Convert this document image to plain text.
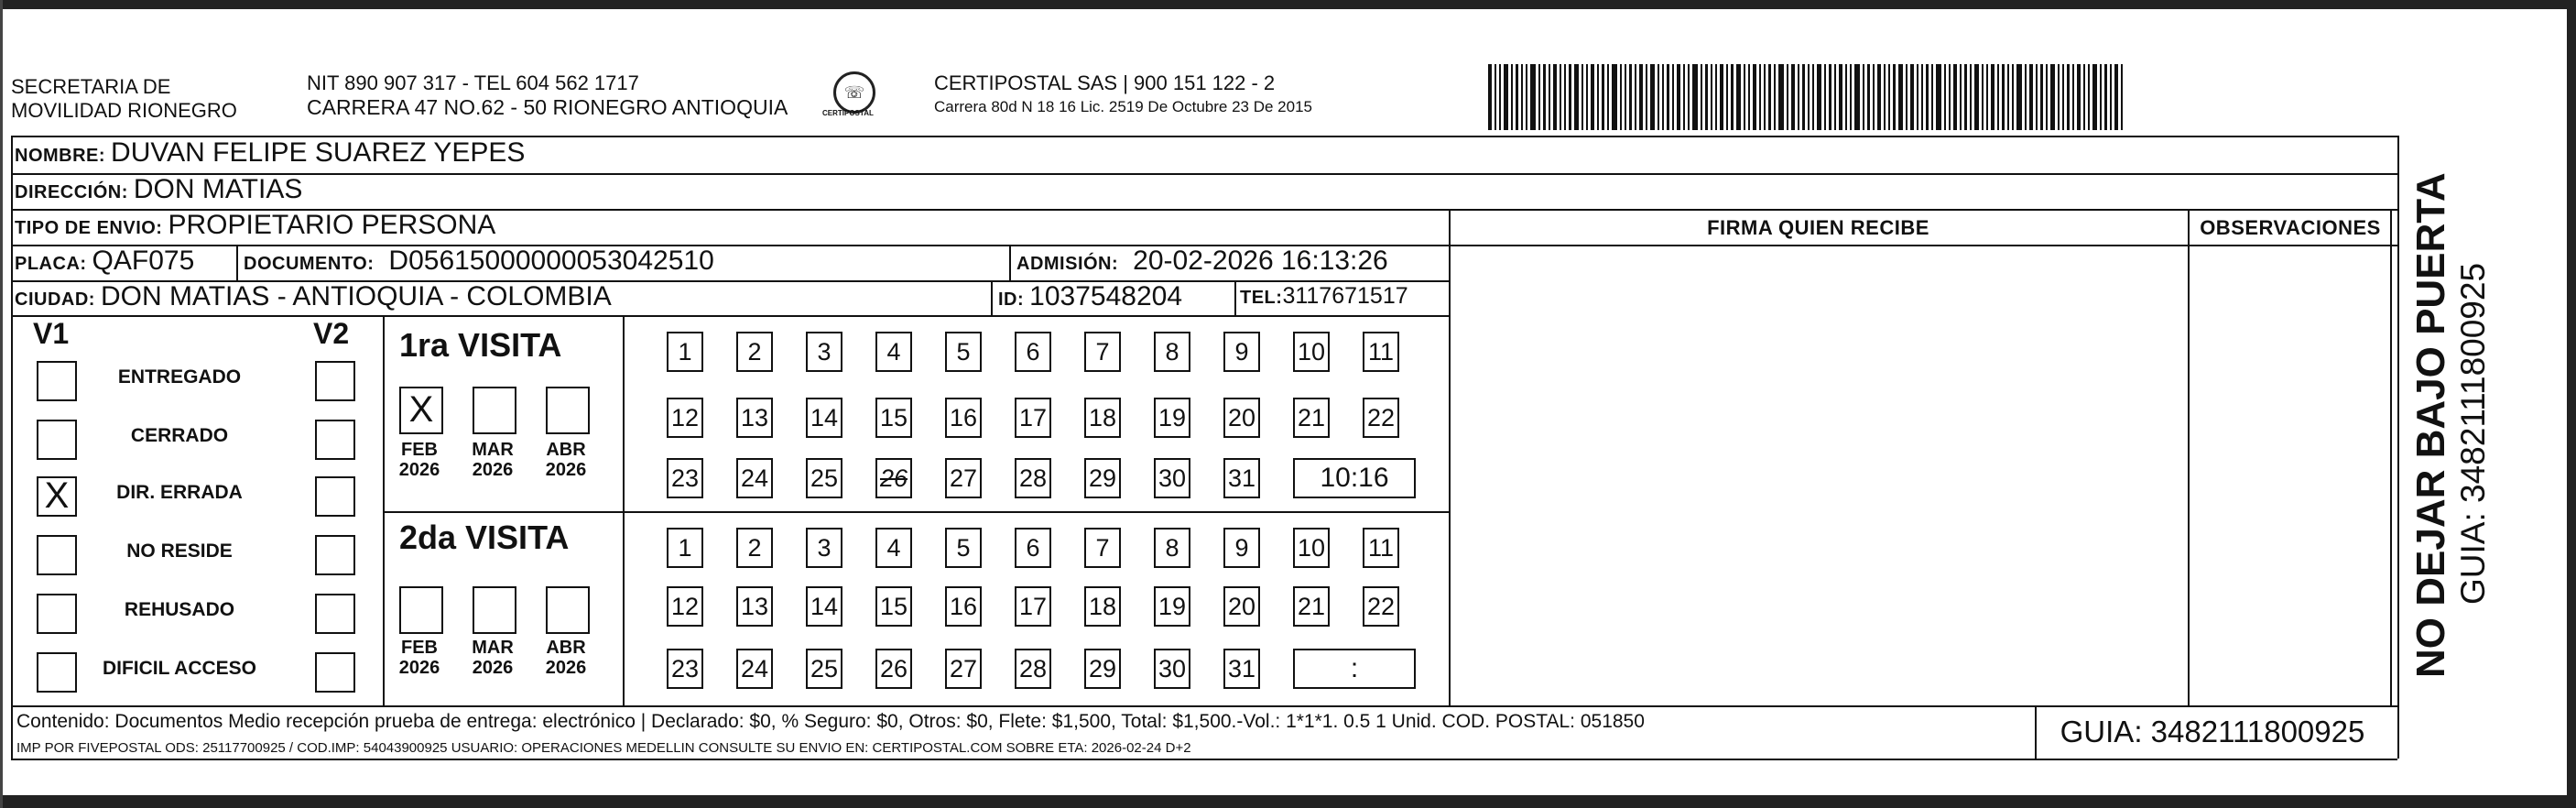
SECRETARIA DE
MOVILIDAD RIONEGRO
NIT 890 907 317 - TEL 604 562 1717
CARRERA 47 NO.62 - 50 RIONEGRO ANTIOQUIA
☏
CERTIPOSTAL
CERTIPOSTAL SAS | 900 151 122 - 2
Carrera 80d N 18 16 Lic. 2519 De Octubre 23 De 2015
NOMBRE: DUVAN FELIPE SUAREZ YEPES
DIRECCIÓN: DON MATIAS
TIPO DE ENVIO: PROPIETARIO PERSONA
PLACA: QAF075	DOCUMENTO: D05615000000053042510	ADMISIÓN: 20-02-2026 16:13:26
CIUDAD: DON MATIAS - ANTIOQUIA - COLOMBIA	ID: 1037548204	TEL: 3117671517
FIRMA QUIEN RECIBE	OBSERVACIONES
V1	V2
ENTREGADO
CERRADO
X	DIR. ERRADA
NO RESIDE
REHUSADO
DIFICIL ACCESO
1ra VISITA
X
FEB
2026
MAR
2026
ABR
2026
1	2	3	4	5	6	7	8	9	10 11
12 13 14 15 16 17 18 19 20 21 22
23 24 25 26 27 28 29 30 31	10:16
2da VISITA
FEB
2026
MAR
2026
ABR
2026
1	2	3	4	5	6	7	8	9	10 11
12 13 14 15 16 17 18 19 20 21 22
23 24 25 26 27 28 29 30 31	:
Contenido: Documentos Medio recepción prueba de entrega: electrónico | Declarado: $0, % Seguro: $0, Otros: $0, Flete: $1,500, Total: $1,500.-Vol.: 1*1*1. 0.5 1 Unid. COD. POSTAL: 051850
IMP POR FIVEPOSTAL ODS: 25117700925 / COD.IMP: 54043900925 USUARIO: OPERACIONES MEDELLIN CONSULTE SU ENVIO EN: CERTIPOSTAL.COM SOBRE ETA: 2026-02-24 D+2	GUIA: 3482111800925
NO DEJAR BAJO PUERTA GUIA: 3482111800925
